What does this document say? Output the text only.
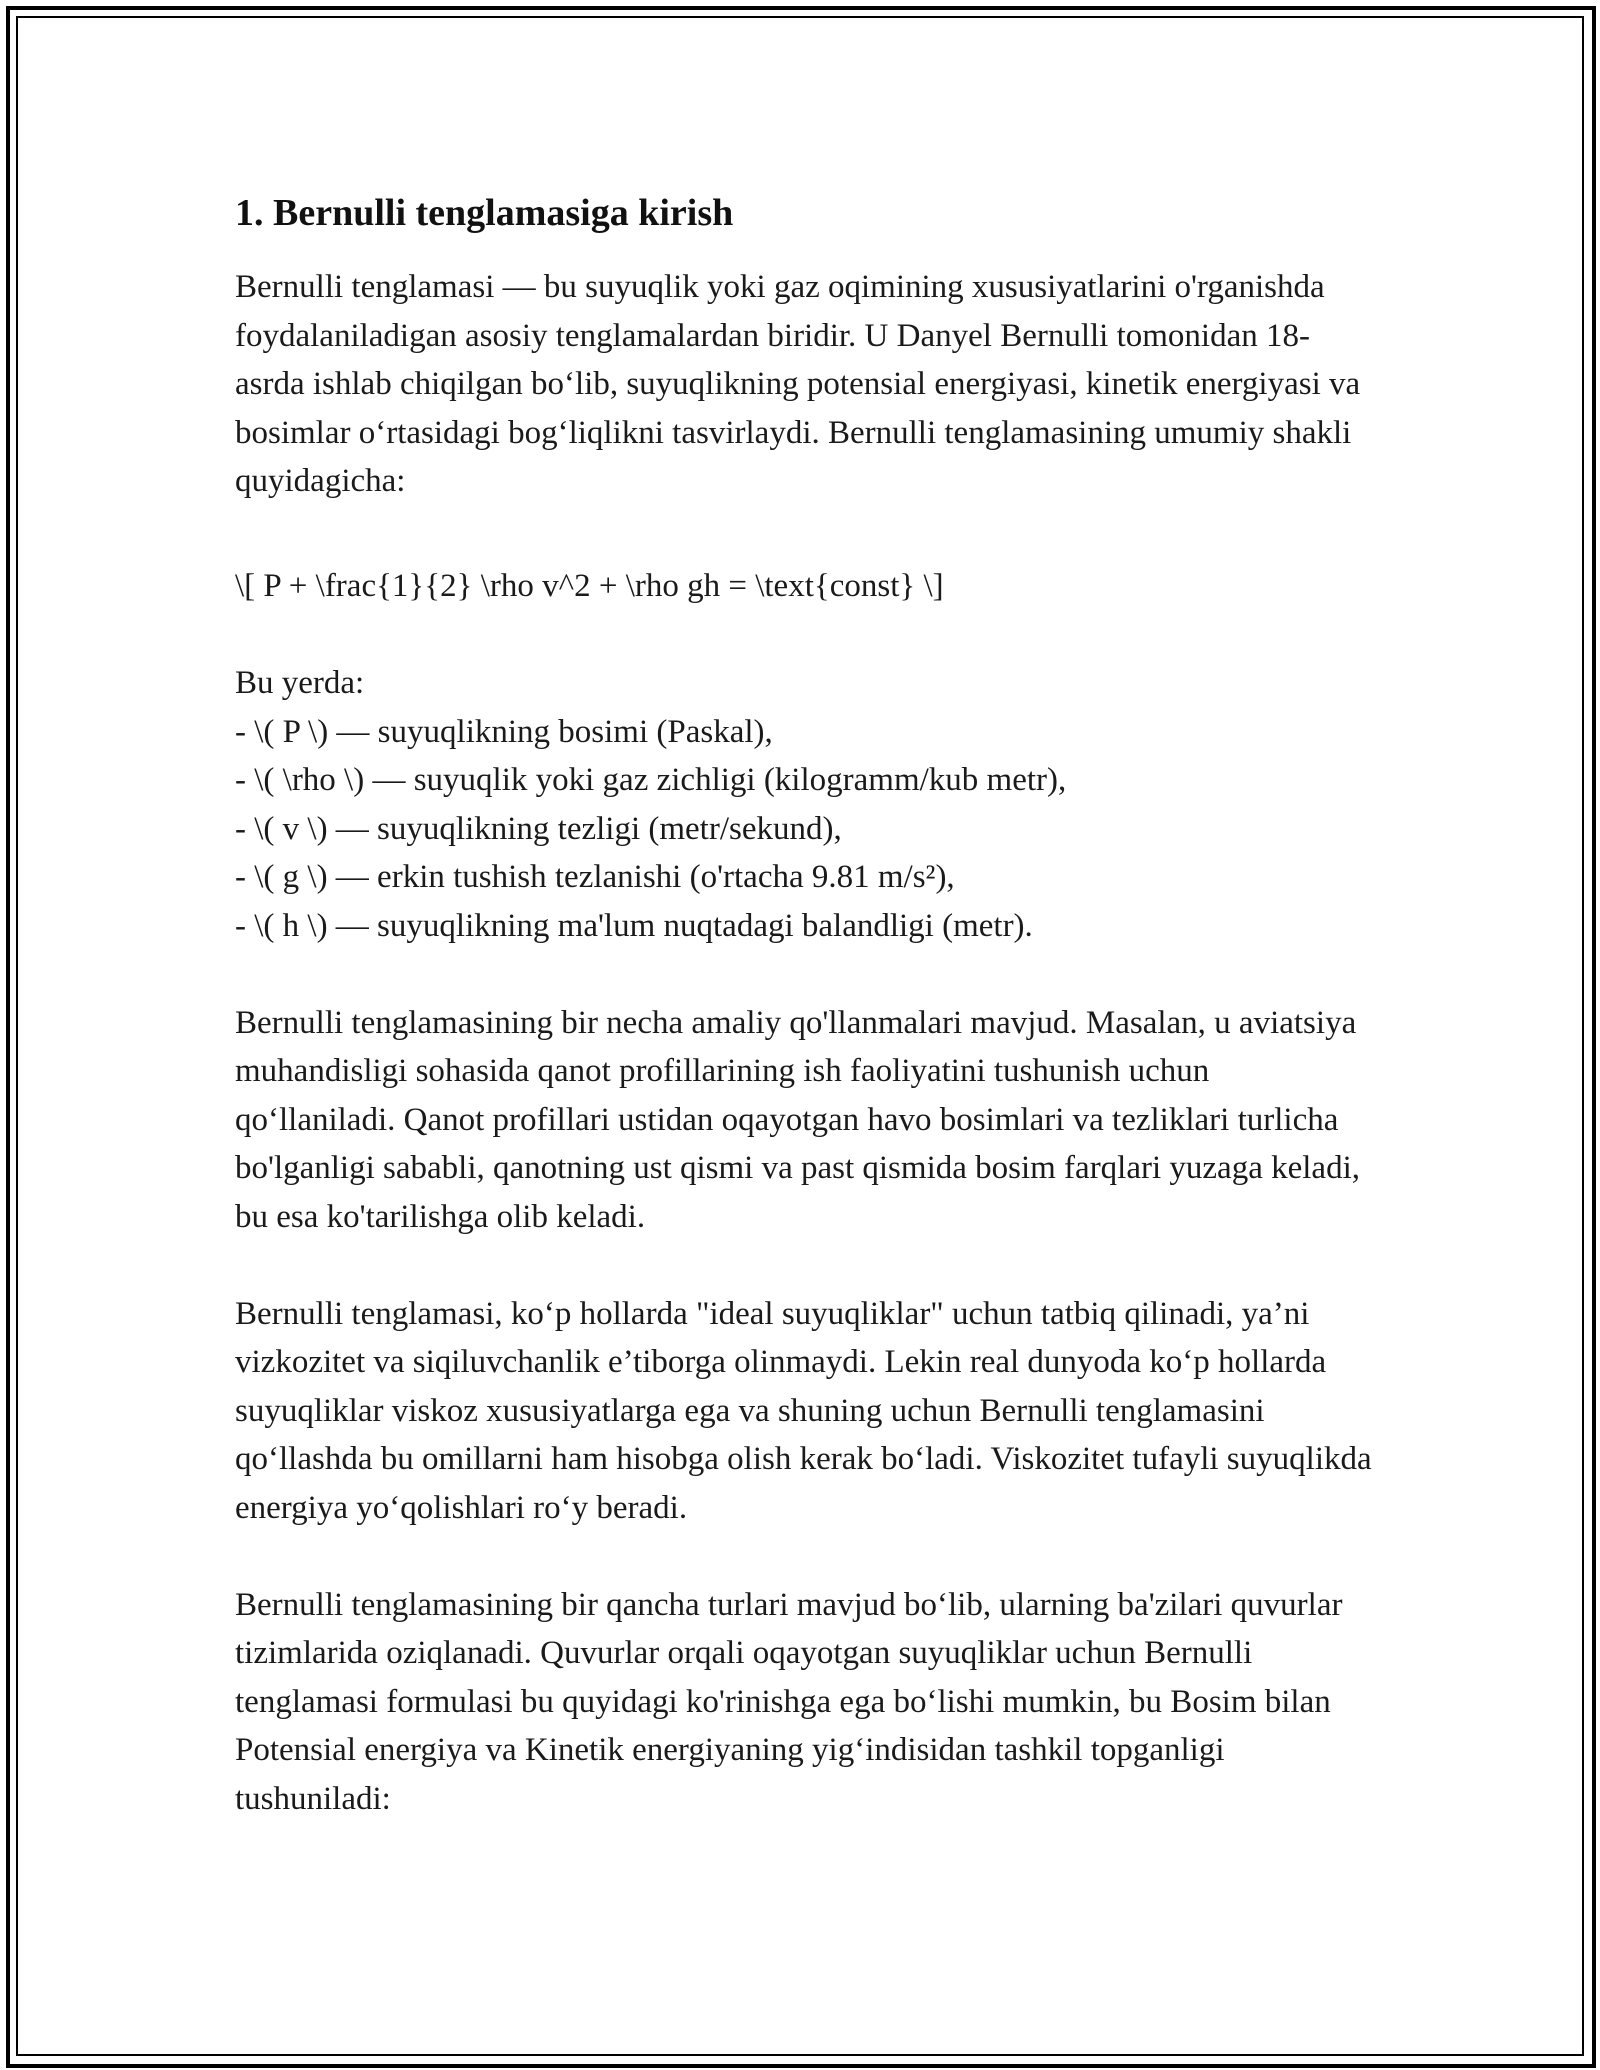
1. Bernulli tenglamasiga kirish

Bernulli tenglamasi — bu suyuqlik yoki gaz oqimining xususiyatlarini o'rganishda foydalaniladigan asosiy tenglamalardan biridir. U Danyel Bernulli tomonidan 18-asrda ishlab chiqilgan bo‘lib, suyuqlikning potensial energiyasi, kinetik energiyasi va bosimlar o‘rtasidagi bog‘liqlikni tasvirlaydi. Bernulli tenglamasining umumiy shakli quyidagicha:

\[ P + \frac{1}{2} \rho v^2 + \rho gh = \text{const} \]

Bu yerda:

- \( P \) — suyuqlikning bosimi (Paskal),

- \( \rho \) — suyuqlik yoki gaz zichligi (kilogramm/kub metr),

- \( v \) — suyuqlikning tezligi (metr/sekund),

- \( g \) — erkin tushish tezlanishi (o'rtacha 9.81 m/s²),

- \( h \) — suyuqlikning ma'lum nuqtadagi balandligi (metr).

Bernulli tenglamasining bir necha amaliy qo'llanmalari mavjud. Masalan, u aviatsiya muhandisligi sohasida qanot profillarining ish faoliyatini tushunish uchun qo‘llaniladi. Qanot profillari ustidan oqayotgan havo bosimlari va tezliklari turlicha bo'lganligi sababli, qanotning ust qismi va past qismida bosim farqlari yuzaga keladi, bu esa ko'tarilishga olib keladi.

Bernulli tenglamasi, ko‘p hollarda "ideal suyuqliklar" uchun tatbiq qilinadi, ya’ni vizkozitet va siqiluvchanlik e’tiborga olinmaydi. Lekin real dunyoda ko‘p hollarda suyuqliklar viskoz xususiyatlarga ega va shuning uchun Bernulli tenglamasini qo‘llashda bu omillarni ham hisobga olish kerak bo‘ladi. Viskozitet tufayli suyuqlikda energiya yo‘qolishlari ro‘y beradi.

Bernulli tenglamasining bir qancha turlari mavjud bo‘lib, ularning ba'zilari quvurlar tizimlarida oziqlanadi. Quvurlar orqali oqayotgan suyuqliklar uchun Bernulli tenglamasi formulasi bu quyidagi ko'rinishga ega bo‘lishi mumkin, bu Bosim bilan Potensial energiya va Kinetik energiyaning yig‘indisidan tashkil topganligi tushuniladi:
